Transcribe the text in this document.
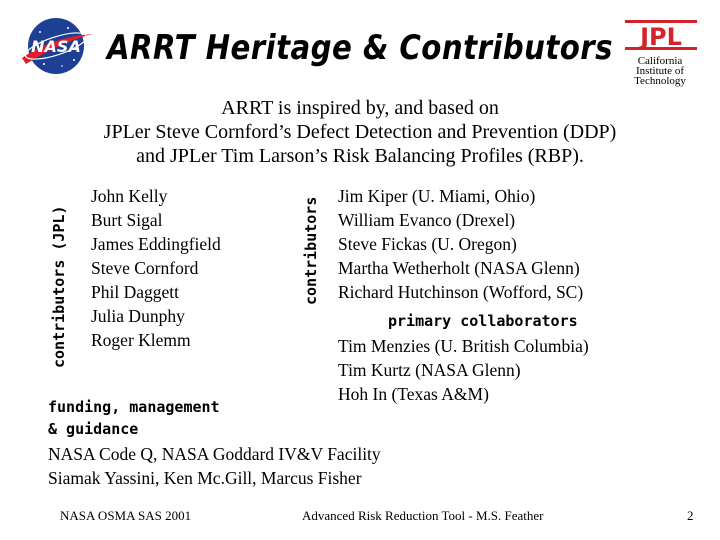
NASA ARRT Heritage & Contributors	JPL
California
Institute of
Technology
ARRT is inspired by, and based on
JPLer Steve Cornford’s Defect Detection and Prevention (DDP)
and JPLer Tim Larson’s Risk Balancing Profiles (RBP).
contributors (JPL)
John Kelly
Burt Sigal
James Eddingfield
Steve Cornford
Phil Daggett
Julia Dunphy
Roger Klemm
contributors
Jim Kiper (U. Miami, Ohio)
William Evanco (Drexel)
Steve Fickas (U. Oregon)
Martha Wetherholt (NASA Glenn)
Richard Hutchinson (Wofford, SC)
primary collaborators
Tim Menzies (U. British Columbia)
Tim Kurtz (NASA Glenn)
Hoh In (Texas A&M)
funding, management
& guidance
NASA Code Q, NASA Goddard IV&V Facility
Siamak Yassini, Ken Mc.Gill, Marcus Fisher
NASA OSMA SAS 2001	Advanced Risk Reduction Tool - M.S. Feather	2
